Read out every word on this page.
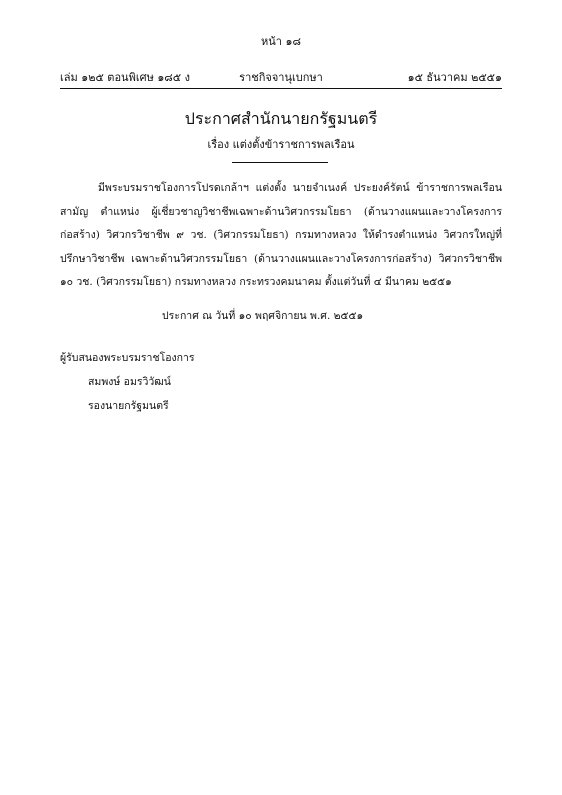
หน้า ๑๘
เล่ม ๑๒๕ ตอนพิเศษ ๑๘๕ ง	ราชกิจจานุเบกษา	๑๕ ธันวาคม ๒๕๕๑
ประกาศสำนักนายกรัฐมนตรี
เรื่อง แต่งตั้งข้าราชการพลเรือน
มีพระบรมราชโองการโปรดเกล้าฯ แต่งตั้ง นายจำเนงค์ ประยงค์รัตน์ ข้าราชการพลเรือนสามัญ ตำแหน่ง ผู้เชี่ยวชาญวิชาชีพเฉพาะด้านวิศวกรรมโยธา (ด้านวางแผนและวางโครงการก่อสร้าง) วิศวกรวิชาชีพ ๙ วช. (วิศวกรรมโยธา) กรมทางหลวง ให้ดำรงตำแหน่ง วิศวกรใหญ่ที่ปรึกษาวิชาชีพ เฉพาะด้านวิศวกรรมโยธา (ด้านวางแผนและวางโครงการก่อสร้าง) วิศวกรวิชาชีพ ๑๐ วช. (วิศวกรรมโยธา) กรมทางหลวง กระทรวงคมนาคม ตั้งแต่วันที่ ๔ มีนาคม ๒๕๕๑
ประกาศ ณ วันที่ ๑๐ พฤศจิกายน พ.ศ. ๒๕๕๑
ผู้รับสนองพระบรมราชโองการ
สมพงษ์ อมรวิวัฒน์
รองนายกรัฐมนตรี
